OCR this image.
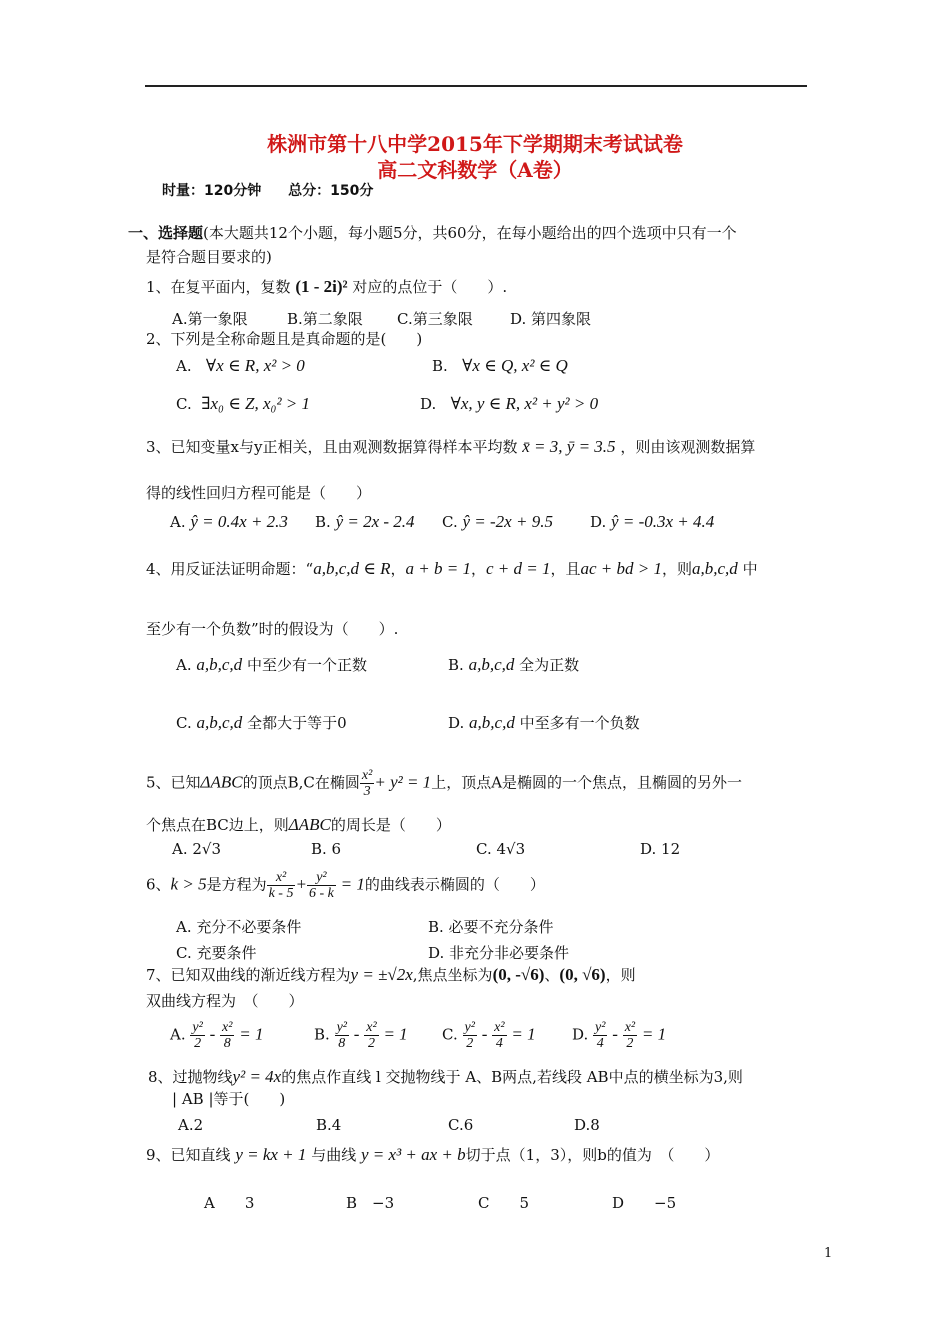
株洲市第十八中学2015年下学期期末考试试卷
高二文科数学（A卷）
时量：120分钟 总分：150分
一、选择题(本大题共12个小题，每小题5分，共60分，在每小题给出的四个选项中只有一个
是符合题目要求的)
1、在复平面内，复数 (1 - 2i)² 对应的点位于（　　）.
A.第一象限	B.第二象限 C.第三象限 D. 第四象限
2、下列是全称命题且是真命题的是(　　)
A. ∀x ∈ R, x² > 0	B. ∀x ∈ Q, x² ∈ Q
C. ∃x₀ ∈ Z, x₀² > 1	D. ∀x, y ∈ R, x² + y² > 0
3、已知变量x与y正相关，且由观测数据算得样本平均数 x̄ = 3, ȳ = 3.5 ，则由该观测数据算
得的线性回归方程可能是（　　）
A. ŷ = 0.4x + 2.3 B. ŷ = 2x - 2.4 C. ŷ = -2x + 9.5 D. ŷ = -0.3x + 4.4
4、用反证法证明命题：“a,b,c,d ∈ R，a + b = 1，c + d = 1，且ac + bd > 1，则a,b,c,d 中
至少有一个负数”时的假设为（　　）.
A. a,b,c,d 中至少有一个正数	B. a,b,c,d 全为正数
C. a,b,c,d 全都大于等于0	D. a,b,c,d 中至多有一个负数
5、已知ΔABC的顶点B,C在椭圆 $\frac{\text{x²}}{3} + y^2 = 1$上，顶点A是椭圆的一个焦点，且椭圆的另外一
个焦点在BC边上，则ΔABC的周长是（　　）
A. 2√3	B. 6	C. 4√3	D. 12
6、k > 5是方程为 $\frac{\text{x²}}{k - 5} + \frac{\text{y²}}{6 - k} = 1$的曲线表示椭圆的（　　）
A. 充分不必要条件	B. 必要不充分条件
C. 充要条件	D. 非充分非必要条件
7、已知双曲线的渐近线方程为y = ±√2x,焦点坐标为(0, -√6)、(0, √6)，则
双曲线方程为　（　　）
A. $\frac{\text{y²}}{2} - \frac{\text{x²}}{8} = 1$	B. $\frac{\text{y²}}{8} - \frac{\text{x²}}{2} = 1$ C. $\frac{\text{y²}}{2} - \frac{\text{x²}}{4} = 1$ D. $\frac{\text{y²}}{4} - \frac{\text{x²}}{2} = 1$
8、过抛物线y² = 4x的焦点作直线 l 交抛物线于 A、B两点,若线段 AB中点的横坐标为3,则
| AB |等于(　　)
A.2	B.4	C.6	D.8
9、已知直线 y = kx + 1 与曲线 y = x³ + ax + b切于点（1，3），则b的值为　（　　）
A　　3	B　−3	C　　5	D　　−5
1
